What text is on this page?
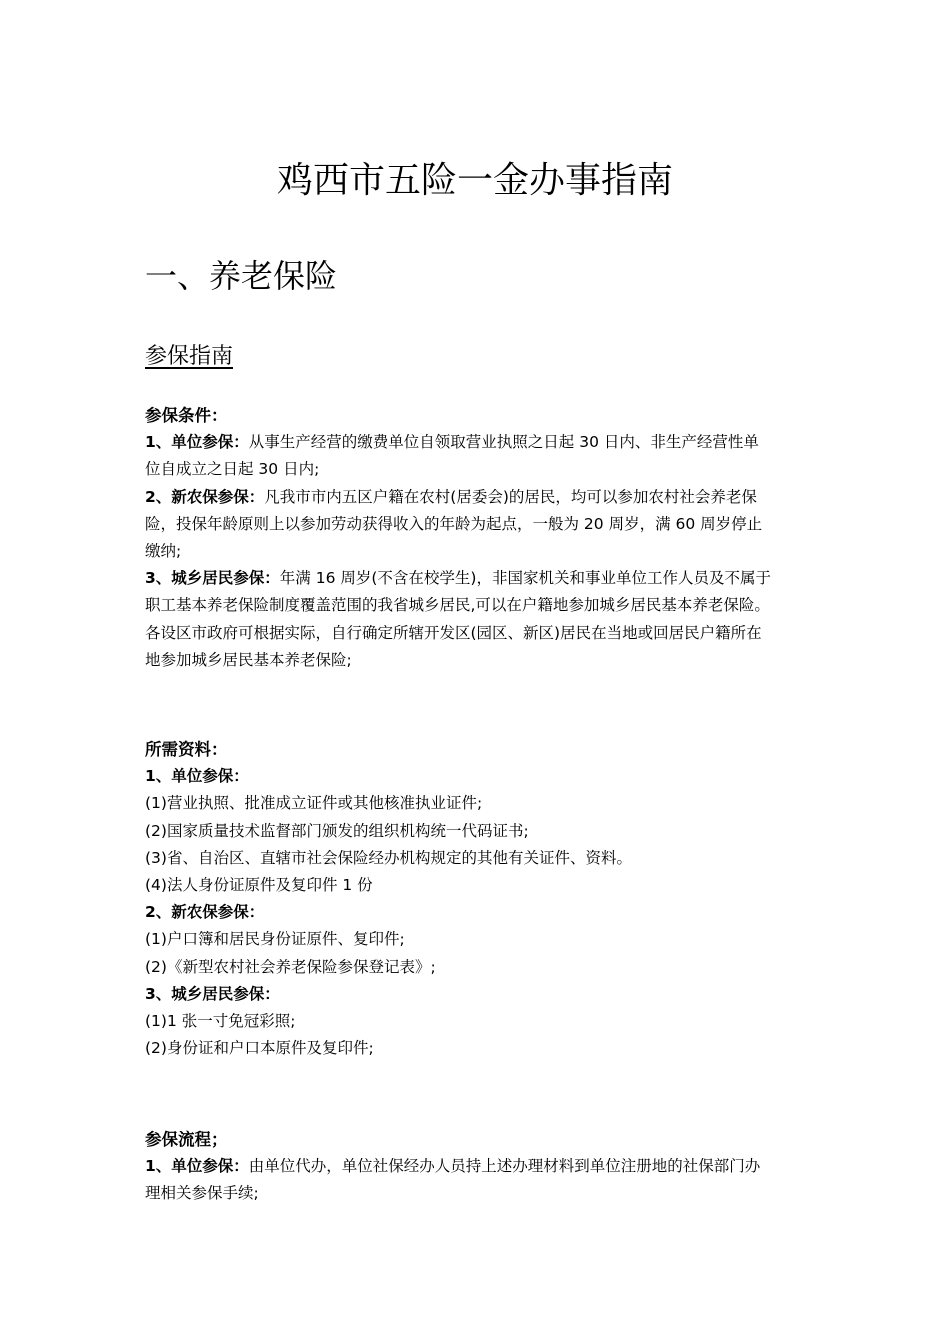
鸡西市五险一金办事指南
一、养老保险
参保指南

参保条件：

1、单位参保：从事生产经营的缴费单位自领取营业执照之日起 30 日内、非生产经营性单

位自成立之日起 30 日内;

2、新农保参保：凡我市市内五区户籍在农村(居委会)的居民，均可以参加农村社会养老保

险，投保年龄原则上以参加劳动获得收入的年龄为起点，一般为 20 周岁，满 60 周岁停止

缴纳;

3、城乡居民参保：年满 16 周岁(不含在校学生)，非国家机关和事业单位工作人员及不属于

职工基本养老保险制度覆盖范围的我省城乡居民,可以在户籍地参加城乡居民基本养老保险。

各设区市政府可根据实际，自行确定所辖开发区(园区、新区)居民在当地或回居民户籍所在

地参加城乡居民基本养老保险;

所需资料：

1、单位参保：

(1)营业执照、批准成立证件或其他核准执业证件;

(2)国家质量技术监督部门颁发的组织机构统一代码证书;

(3)省、自治区、直辖市社会保险经办机构规定的其他有关证件、资料。

(4)法人身份证原件及复印件 1 份

2、新农保参保：

(1)户口簿和居民身份证原件、复印件;

(2)《新型农村社会养老保险参保登记表》;

3、城乡居民参保：

(1)1 张一寸免冠彩照;

(2)身份证和户口本原件及复印件;

参保流程；

1、单位参保：由单位代办，单位社保经办人员持上述办理材料到单位注册地的社保部门办

理相关参保手续;
